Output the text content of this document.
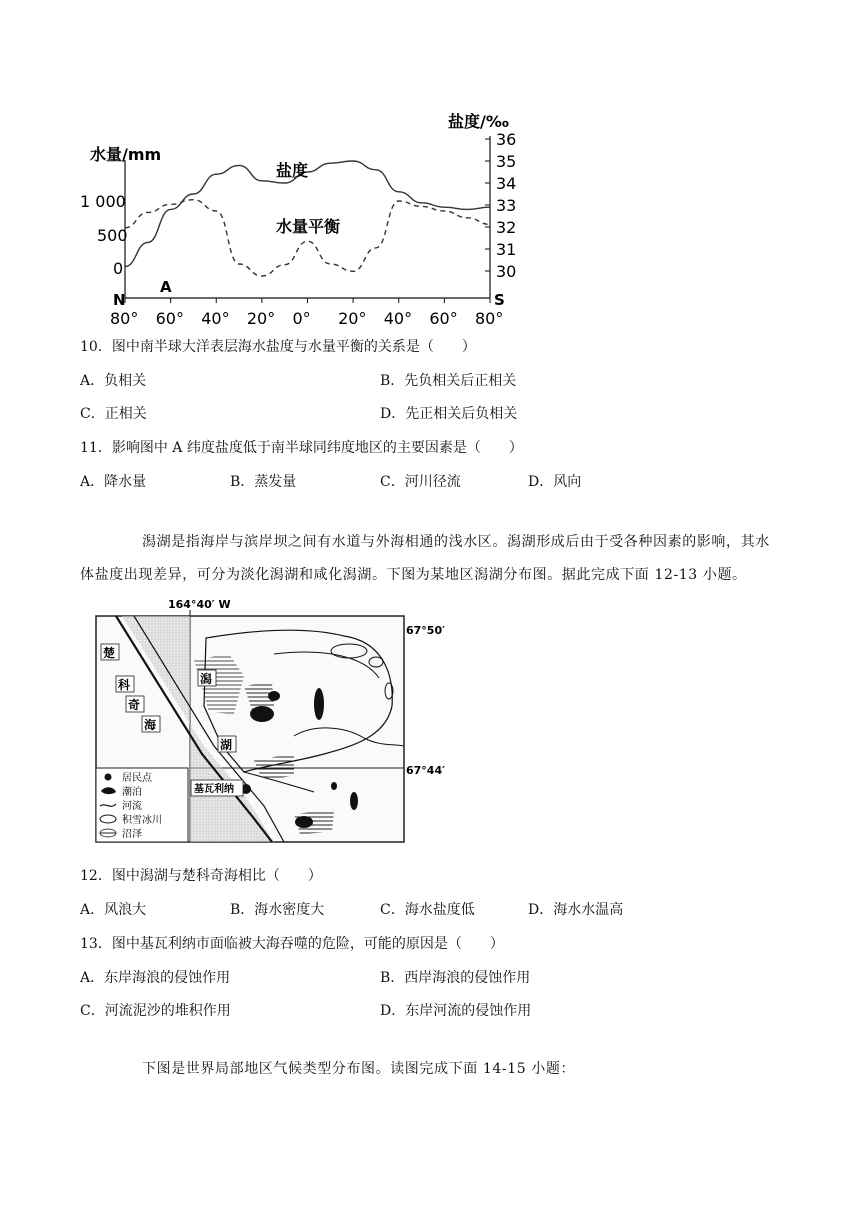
水量/mm
盐度/‰
1 000
500
0
36
35
34
33
32
31
30
N	S
A
80° 60° 40° 20° 0° 20° 40° 60° 80°
盐度
水量平衡
10．图中南半球大洋表层海水盐度与水量平衡的关系是（　　）
A．负相关	B．先负相关后正相关
C．正相关	D．先正相关后负相关
11．影响图中 A 纬度盐度低于南半球同纬度地区的主要因素是（　　）
A．降水量	B．蒸发量	C．河川径流	D．风向
潟湖是指海岸与滨岸坝之间有水道与外海相通的浅水区。潟湖形成后由于受各种因素的影响，其水体盐度出现差异，可分为淡化潟湖和咸化潟湖。下图为某地区潟湖分布图。据此完成下面 12-13 小题。
164°40′ W
67°50′
67°44′
楚
科
奇
海
潟
湖
基瓦利纳
居民点
潮泊
河流
积雪冰川
沼泽
12．图中潟湖与楚科奇海相比（　　）
A．风浪大	B．海水密度大	C．海水盐度低	D．海水水温高
13．图中基瓦利纳市面临被大海吞噬的危险，可能的原因是（　　）
A．东岸海浪的侵蚀作用	B．西岸海浪的侵蚀作用
C．河流泥沙的堆积作用	D．东岸河流的侵蚀作用
下图是世界局部地区气候类型分布图。读图完成下面 14-15 小题：
